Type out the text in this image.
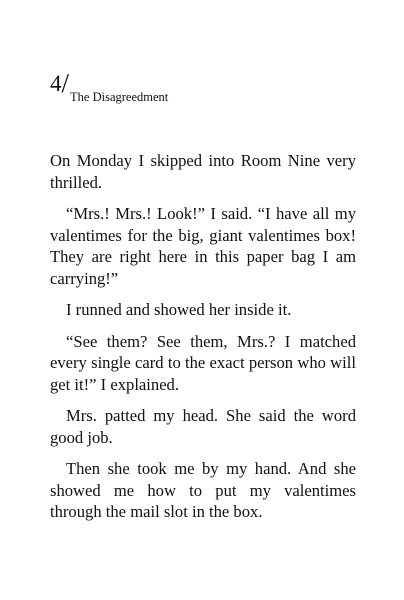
4 / The Disagreedment

On Monday I skipped into Room Nine very thrilled.

“Mrs.! Mrs.! Look!” I said. “I have all my valentimes for the big, giant valentimes box! They are right here in this paper bag I am carrying!”

I runned and showed her inside it.

“See them? See them, Mrs.? I matched every single card to the exact person who will get it!” I explained.

Mrs. patted my head. She said the word good job.

Then she took me by my hand. And she showed me how to put my valentimes through the mail slot in the box.
